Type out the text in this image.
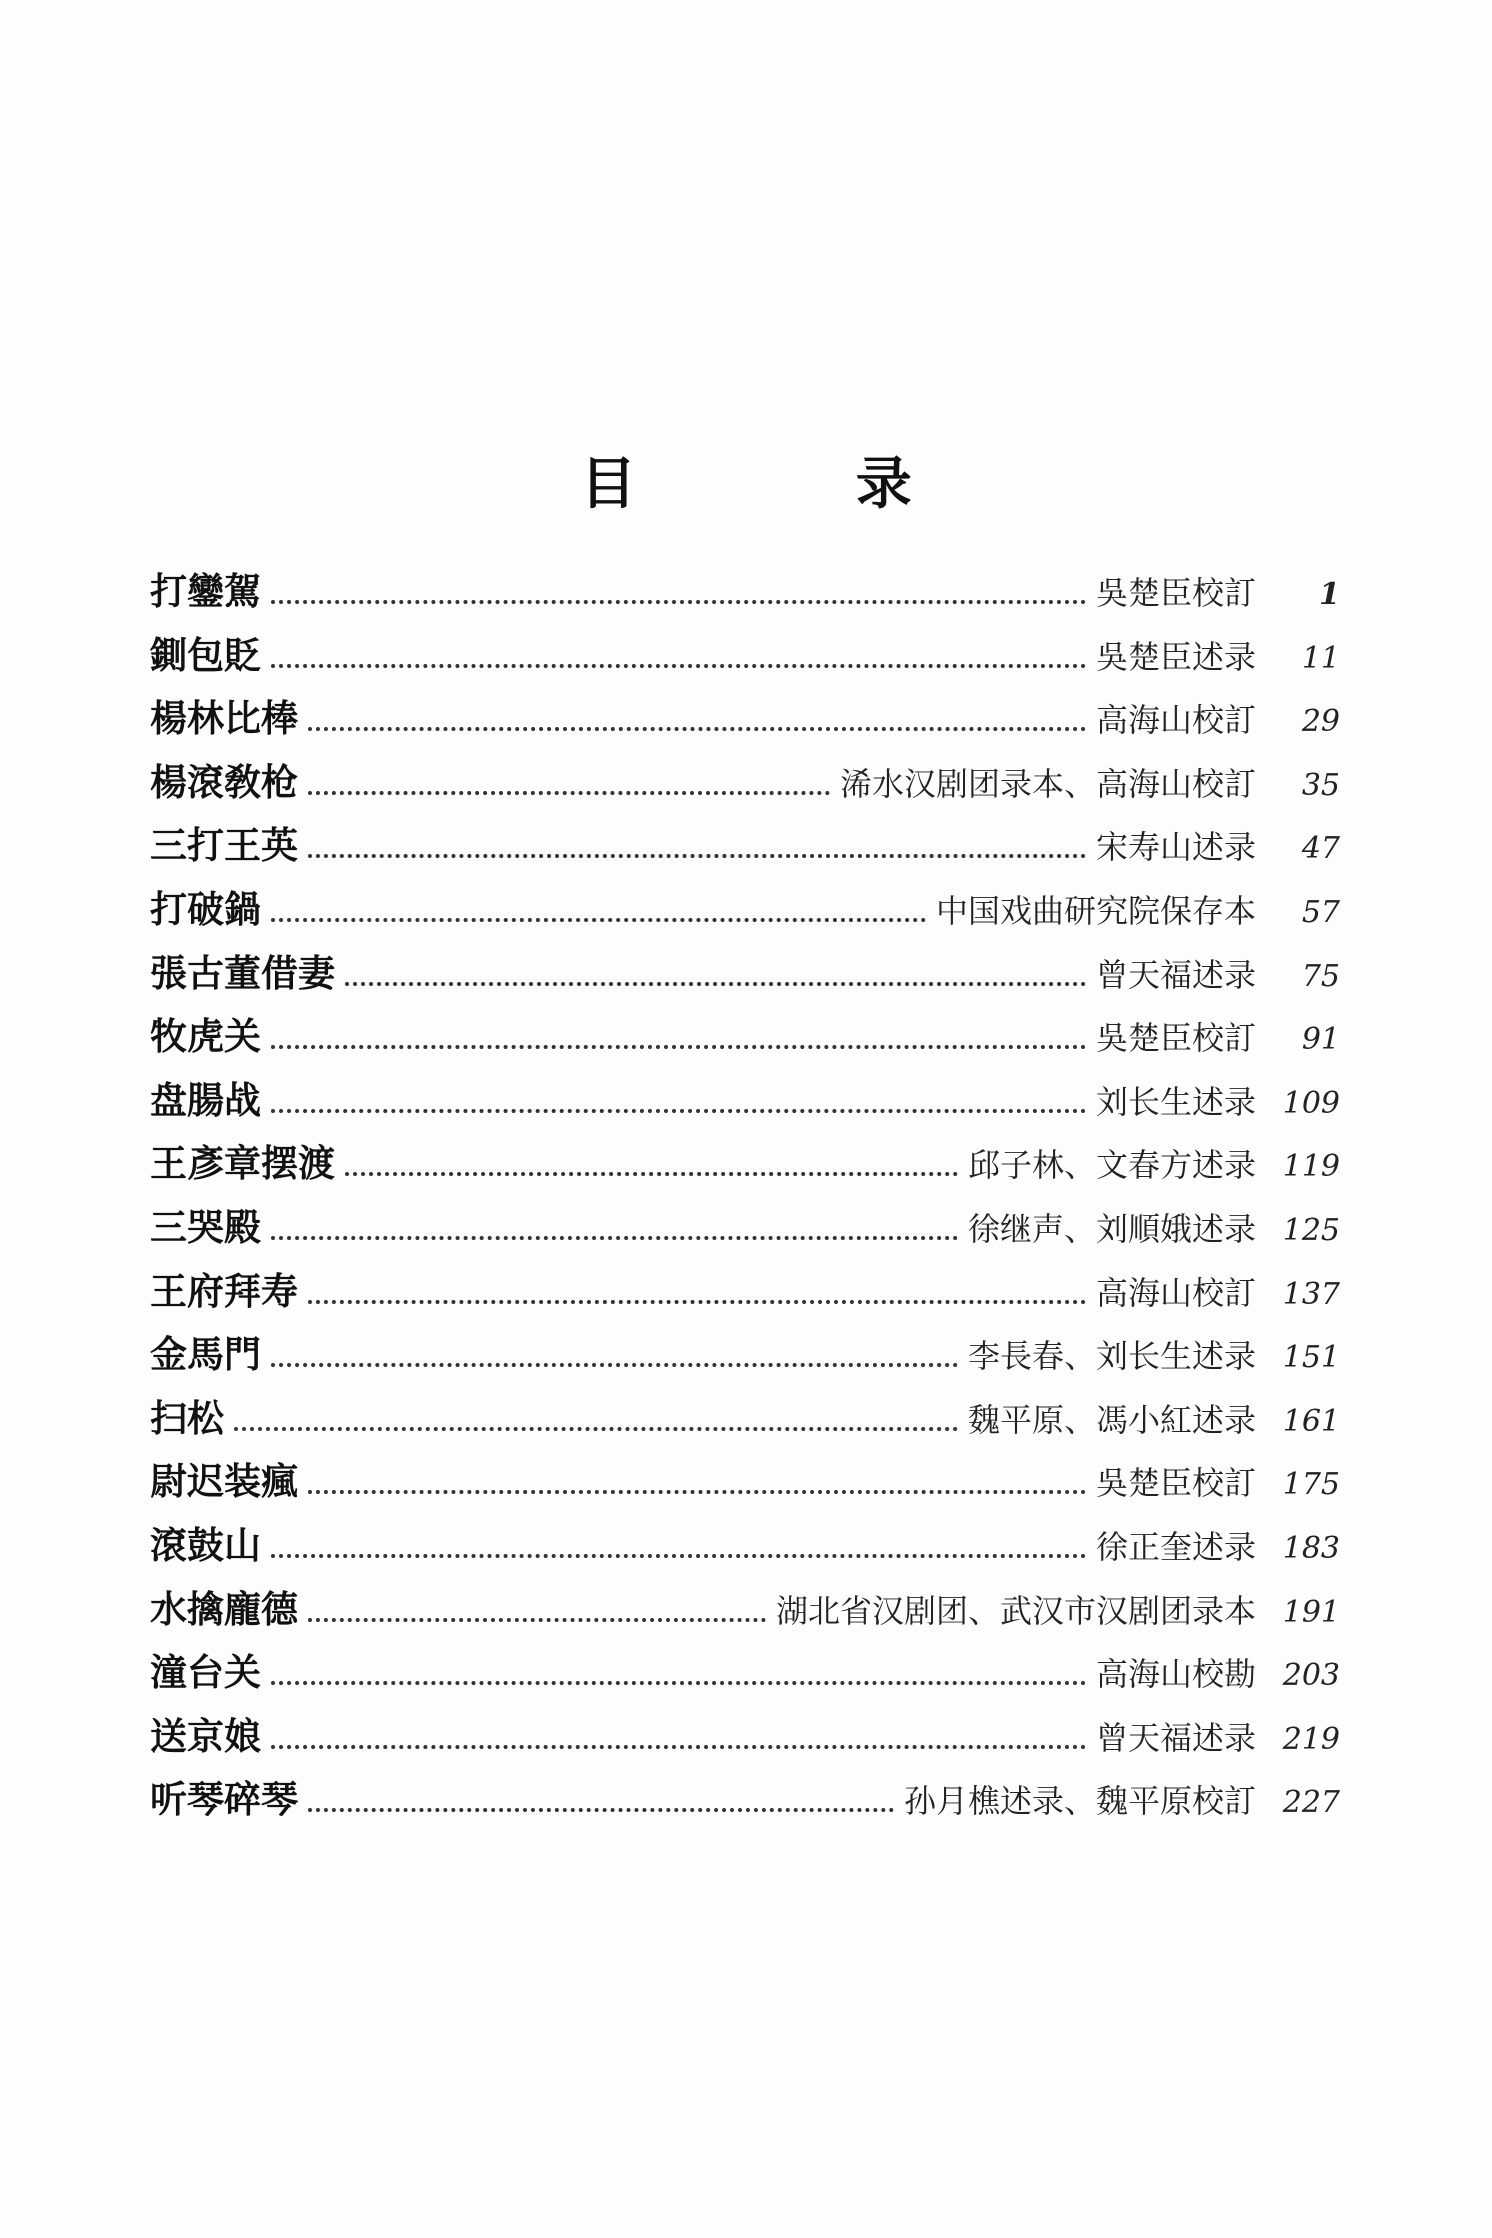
目 录
打鑾駕	吳楚臣校訂	1
鍘包貶	吳楚臣述录	11
楊林比棒	高海山校訂	29
楊滾敎枪	浠水汉剧团录本、高海山校訂	35
三打王英	宋寿山述录	47
打破鍋	中国戏曲研究院保存本	57
張古董借妻	曾天福述录	75
牧虎关	吳楚臣校訂	91
盘腸战	刘长生述录 109
王彥章摆渡	邱子林、文春方述录 119
三哭殿	徐继声、刘順娥述录 125
王府拜寿	高海山校訂 137
金馬門	李長春、刘长生述录 151
扫松	魏平原、馮小紅述录 161
尉迟装瘋	吳楚臣校訂 175
滾鼓山	徐正奎述录 183
水擒龐德	湖北省汉剧团、武汉市汉剧团录本 191
潼台关	高海山校勘 203
送京娘	曾天福述录 219
听琴碎琴	孙月樵述录、魏平原校訂 227
